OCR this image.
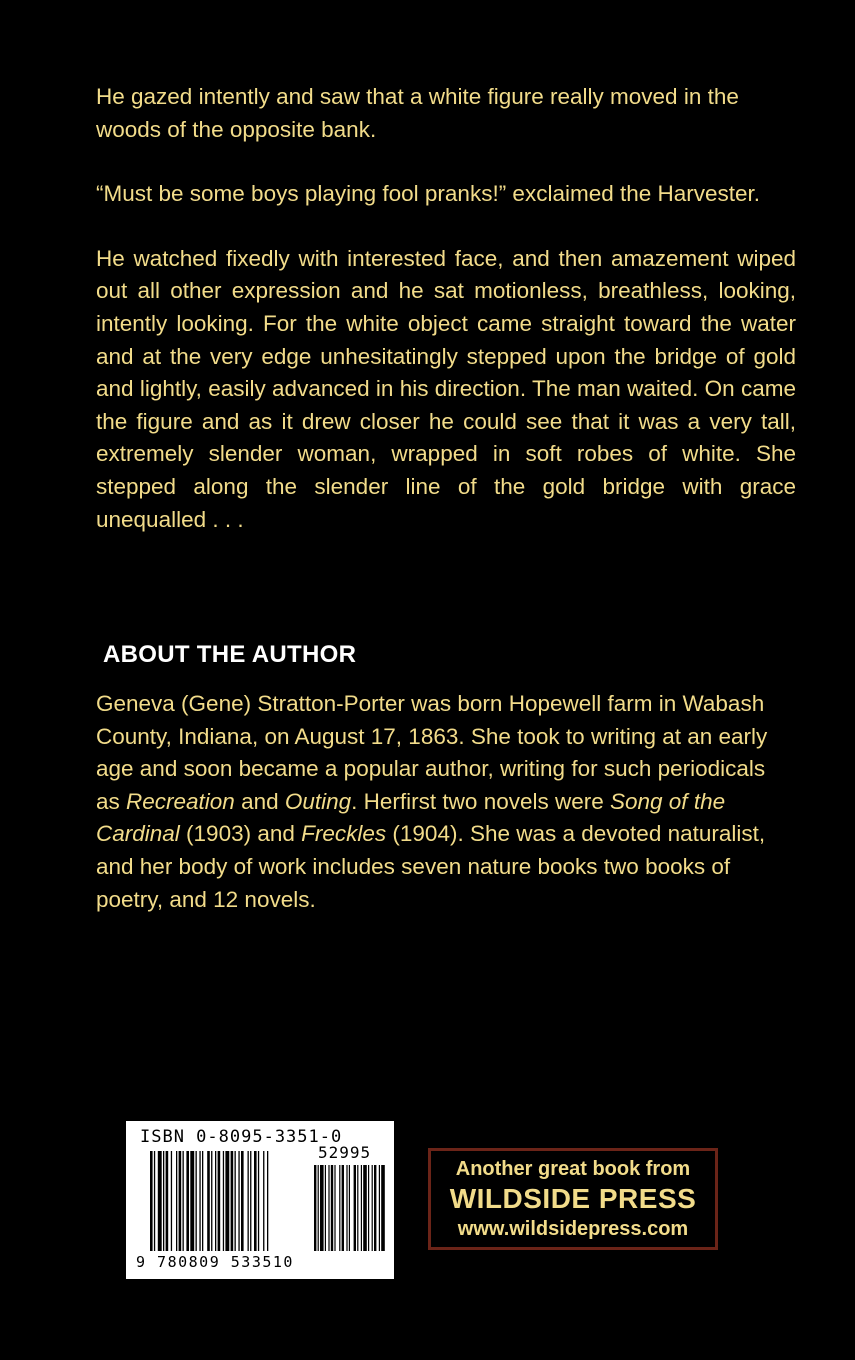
He gazed intently and saw that a white figure really moved in the woods of the opposite bank.

“Must be some boys playing fool pranks!” exclaimed the Harvester.

He watched fixedly with interested face, and then amazement wiped out all other expression and he sat motionless, breathless, looking, intently looking. For the white object came straight toward the water and at the very edge unhesitatingly stepped upon the bridge of gold and lightly, easily advanced in his direction. The man waited. On came the figure and as it drew closer he could see that it was a very tall, extremely slender woman, wrapped in soft robes of white. She stepped along the slender line of the gold bridge with grace unequalled . . .

ABOUT THE AUTHOR

Geneva (Gene) Stratton-Porter was born Hopewell farm in Wabash County, Indiana, on August 17, 1863. She took to writing at an early age and soon became a popular author, writing for such periodicals as Recreation and Outing. Herfirst two novels were Song of the Cardinal (1903) and Freckles (1904). She was a devoted naturalist, and her body of work includes seven nature books two books of poetry, and 12 novels.

ISBN 0-8095-3351-0
52995
9 780809 533510
Another great book from
WILDSIDE PRESS
www.wildsidepress.com
